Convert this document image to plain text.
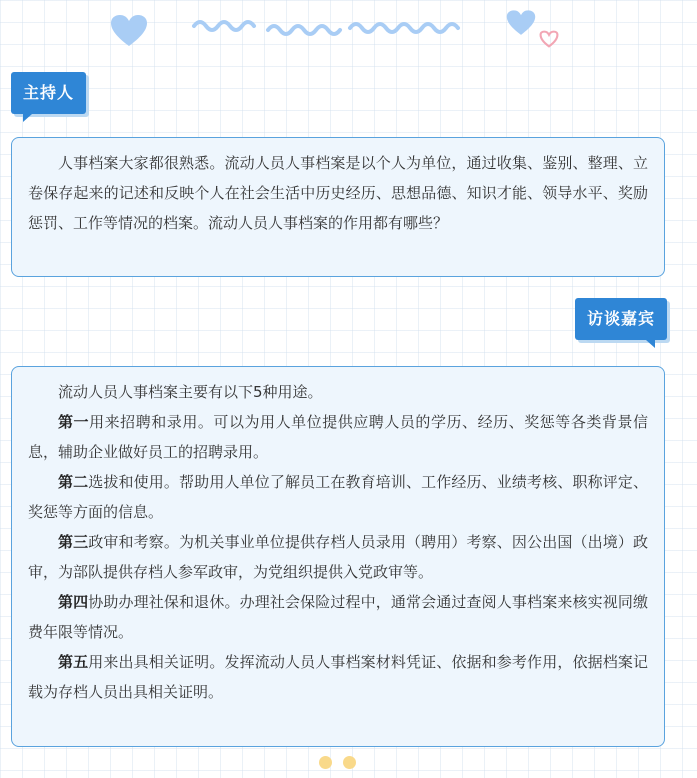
主持人

人事档案大家都很熟悉。流动人员人事档案是以个人为单位，通过收集、鉴别、整理、立卷保存起来的记述和反映个人在社会生活中历史经历、思想品德、知识才能、领导水平、奖励惩罚、工作等情况的档案。流动人员人事档案的作用都有哪些？

访谈嘉宾

流动人员人事档案主要有以下5种用途。

第一用来招聘和录用。可以为用人单位提供应聘人员的学历、经历、奖惩等各类背景信息，辅助企业做好员工的招聘录用。

第二选拔和使用。帮助用人单位了解员工在教育培训、工作经历、业绩考核、职称评定、奖惩等方面的信息。

第三政审和考察。为机关事业单位提供存档人员录用（聘用）考察、因公出国（出境）政审，为部队提供存档人参军政审，为党组织提供入党政审等。

第四协助办理社保和退休。办理社会保险过程中，通常会通过查阅人事档案来核实视同缴费年限等情况。

第五用来出具相关证明。发挥流动人员人事档案材料凭证、依据和参考作用，依据档案记载为存档人员出具相关证明。
